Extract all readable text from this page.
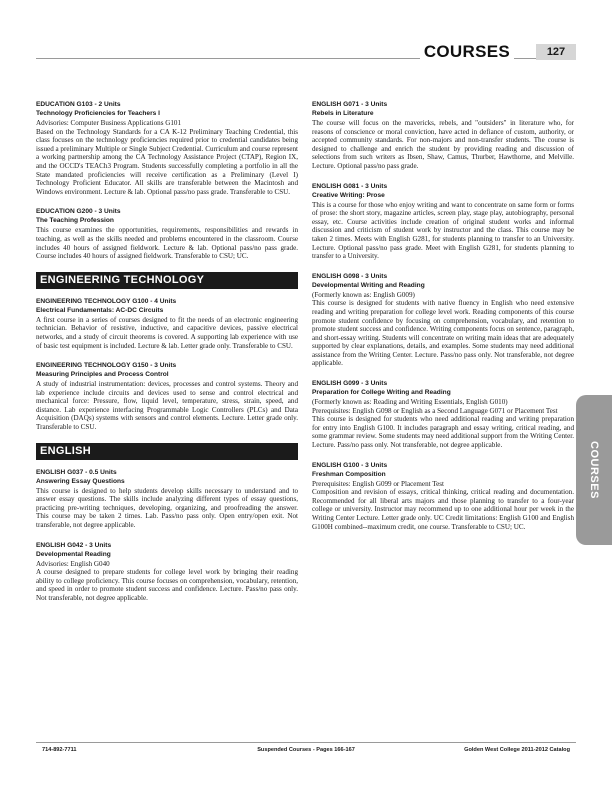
COURSES	127
EDUCATION G103 - 2 Units
Technology Proficiencies for Teachers I
Advisories: Computer Business Applications G101
Based on the Technology Standards for a CA K-12 Preliminary Teaching Credential, this class focuses on the technology proficiencies required prior to credential candidates being issued a preliminary Multiple or Single Subject Credential. Curriculum and course represent a working partnership among the CA Technology Assistance Project (CTAP), Region IX, and the OCCD's TEACh3 Program. Students successfully completing a portfolio in all the State mandated proficiencies will receive certification as a Preliminary (Level I) Technology Proficient Educator. All skills are transferable between the Macintosh and Windows environment. Lecture & lab. Optional pass/no pass grade. Transferable to CSU.
EDUCATION G200 - 3 Units
The Teaching Profession
This course examines the opportunities, requirements, responsibilities and rewards in teaching, as well as the skills needed and problems encountered in the classroom. Course includes 40 hours of assigned fieldwork. Lecture & lab. Optional pass/no pass grade. Course includes 40 hours of assigned fieldwork. Transferable to CSU; UC.
ENGINEERING TECHNOLOGY
ENGINEERING TECHNOLOGY G100 - 4 Units
Electrical Fundamentals: AC-DC Circuits
A first course in a series of courses designed to fit the needs of an electronic engineering technician. Behavior of resistive, inductive, and capacitive devices, passive electrical networks, and a study of circuit theorems is covered. A supporting lab experience with use of basic test equipment is included. Lecture & lab. Letter grade only. Transferable to CSU.
ENGINEERING TECHNOLOGY G150 - 3 Units
Measuring Principles and Process Control
A study of industrial instrumentation: devices, processes and control systems. Theory and lab experience include circuits and devices used to sense and control electrical and mechanical force: Pressure, flow, liquid level, temperature, stress, strain, speed, and distance. Lab experience interfacing Programmable Logic Controllers (PLCs) and Data Acquisition (DAQs) systems with sensors and control elements. Lecture. Letter grade only. Transferable to CSU.
ENGLISH
ENGLISH G037 - 0.5 Units
Answering Essay Questions
This course is designed to help students develop skills necessary to understand and to answer essay questions. The skills include analyzing different types of essay questions, practicing pre-writing techniques, developing, organizing, and proofreading the answer. This course may be taken 2 times. Lab. Pass/no pass only. Open entry/open exit. Not transferable, not degree applicable.
ENGLISH G042 - 3 Units
Developmental Reading
Advisories: English G040
A course designed to prepare students for college level work by bringing their reading ability to college proficiency. This course focuses on comprehension, vocabulary, retention, and speed in order to promote student success and confidence. Lecture. Pass/no pass only. Not transferable, not degree applicable.
ENGLISH G071 - 3 Units
Rebels in Literature
The course will focus on the mavericks, rebels, and "outsiders" in literature who, for reasons of conscience or moral conviction, have acted in defiance of custom, authority, or accepted community standards. For non-majors and non-transfer students. The course is designed to challenge and enrich the student by providing reading and discussion of selections from such writers as Ibsen, Shaw, Camus, Thurber, Hawthorne, and Melville. Lecture. Optional pass/no pass grade.
ENGLISH G081 - 3 Units
Creative Writing: Prose
This is a course for those who enjoy writing and want to concentrate on same form or forms of prose: the short story, magazine articles, screen play, stage play, autobiography, personal essay, etc. Course activities include creation of original student works and informal discussion and criticism of student work by instructor and the class. This course may be taken 2 times. Meets with English G281, for students planning to transfer to an University. Lecture. Optional pass/no pass grade. Meet with English G281, for students planning to transfer to a University.
ENGLISH G098 - 3 Units
Developmental Writing and Reading
(Formerly known as: English G009)
This course is designed for students with native fluency in English who need extensive reading and writing preparation for college level work. Reading components of this course promote student confidence by focusing on comprehension, vocabulary, and retention to promote student success and confidence. Writing components focus on sentence, paragraph, and short-essay writing. Students will concentrate on writing main ideas that are adequately supported by clear explanations, details, and examples. Some students may need additional assistance from the Writing Center. Lecture. Pass/no pass only. Not transferable, not degree applicable.
ENGLISH G099 - 3 Units
Preparation for College Writing and Reading
(Formerly known as: Reading and Writing Essentials, English G010)
Prerequisites: English G098 or English as a Second Language G071 or Placement Test
This course is designed for students who need additional reading and writing preparation for entry into English G100. It includes paragraph and essay writing, critical reading, and some grammar review. Some students may need additional support from the Writing Center. Lecture. Pass/no pass only. Not transferable, not degree applicable.
ENGLISH G100 - 3 Units
Freshman Composition
Prerequisites: English G099 or Placement Test
Composition and revision of essays, critical thinking, critical reading and documentation. Recommended for all liberal arts majors and those planning to transfer to a four-year college or university. Instructor may recommend up to one additional hour per week in the Writing Center Lecture. Letter grade only. UC Credit limitations: English G100 and English G100H combined--maximum credit, one course. Transferable to CSU; UC.
COURSES
714-892-7711	Suspended Courses - Pages 166-167	Golden West College 2011-2012 Catalog
